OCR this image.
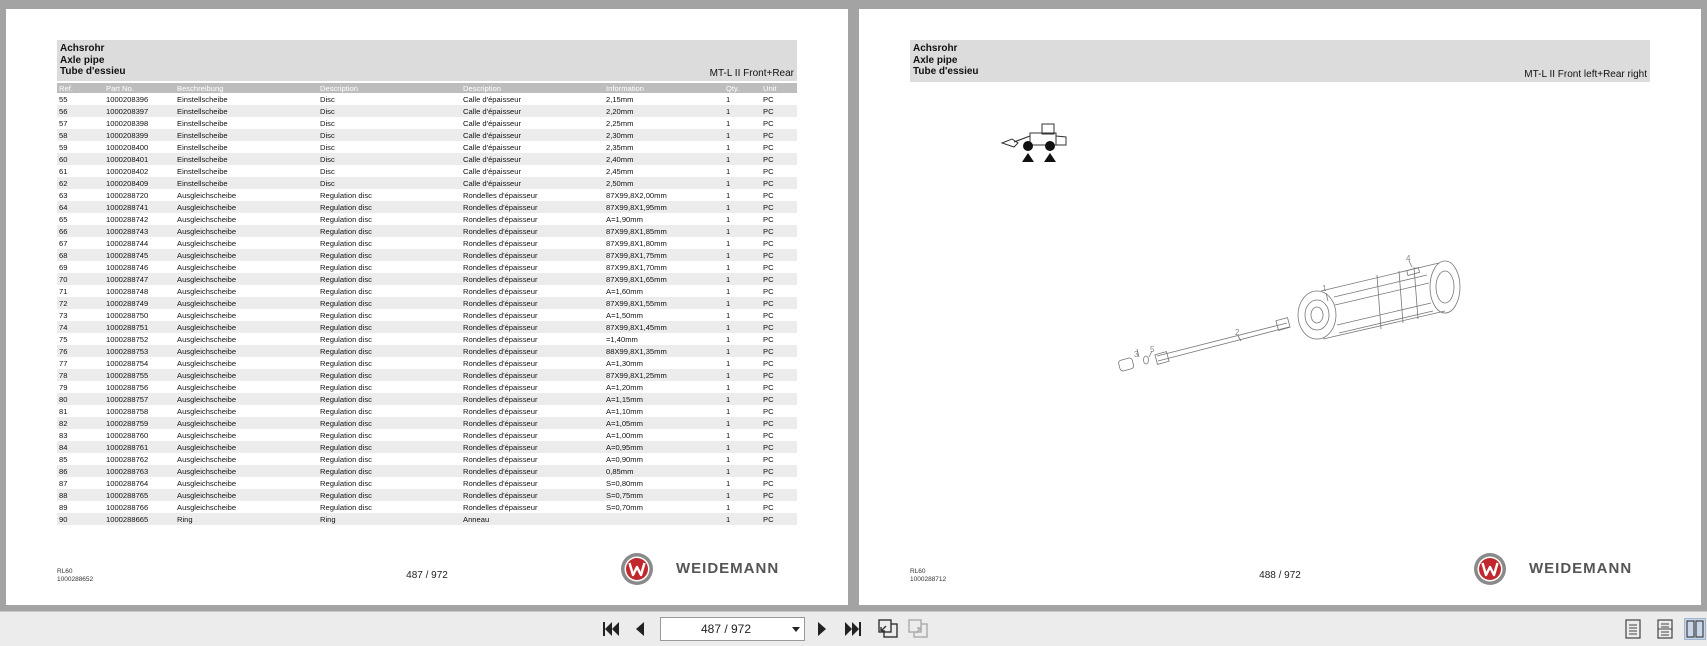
Achsrohr
Axle pipe
Tube d'essieu	MT-L II Front+Rear
Ref.	Part No.	Beschreibung	Description	Description	Information	Qty.	Unit
55	1000208396	Einstellscheibe	Disc	Calle d'épaisseur	2,15mm	1	PC
56	1000208397	Einstellscheibe	Disc	Calle d'épaisseur	2,20mm	1	PC
57	1000208398	Einstellscheibe	Disc	Calle d'épaisseur	2,25mm	1	PC
58	1000208399	Einstellscheibe	Disc	Calle d'épaisseur	2,30mm	1	PC
59	1000208400	Einstellscheibe	Disc	Calle d'épaisseur	2,35mm	1	PC
60	1000208401	Einstellscheibe	Disc	Calle d'épaisseur	2,40mm	1	PC
61	1000208402	Einstellscheibe	Disc	Calle d'épaisseur	2,45mm	1	PC
62	1000208409	Einstellscheibe	Disc	Calle d'épaisseur	2,50mm	1	PC
63	1000288720	Ausgleichscheibe	Regulation disc	Rondelles d'épaisseur	87X99,8X2,00mm	1	PC
64	1000288741	Ausgleichscheibe	Regulation disc	Rondelles d'épaisseur	87X99,8X1,95mm	1	PC
65	1000288742	Ausgleichscheibe	Regulation disc	Rondelles d'épaisseur	A=1,90mm	1	PC
66	1000288743	Ausgleichscheibe	Regulation disc	Rondelles d'épaisseur	87X99,8X1,85mm	1	PC
67	1000288744	Ausgleichscheibe	Regulation disc	Rondelles d'épaisseur	87X99,8X1,80mm	1	PC
68	1000288745	Ausgleichscheibe	Regulation disc	Rondelles d'épaisseur	87X99,8X1,75mm	1	PC
69	1000288746	Ausgleichscheibe	Regulation disc	Rondelles d'épaisseur	87X99,8X1,70mm	1	PC
70	1000288747	Ausgleichscheibe	Regulation disc	Rondelles d'épaisseur	87X99,8X1,65mm	1	PC
71	1000288748	Ausgleichscheibe	Regulation disc	Rondelles d'épaisseur	A=1,60mm	1	PC
72	1000288749	Ausgleichscheibe	Regulation disc	Rondelles d'épaisseur	87X99,8X1,55mm	1	PC
73	1000288750	Ausgleichscheibe	Regulation disc	Rondelles d'épaisseur	A=1,50mm	1	PC
74	1000288751	Ausgleichscheibe	Regulation disc	Rondelles d'épaisseur	87X99,8X1,45mm	1	PC
75	1000288752	Ausgleichscheibe	Regulation disc	Rondelles d'épaisseur	=1,40mm	1	PC
76	1000288753	Ausgleichscheibe	Regulation disc	Rondelles d'épaisseur	88X99,8X1,35mm	1	PC
77	1000288754	Ausgleichscheibe	Regulation disc	Rondelles d'épaisseur	A=1,30mm	1	PC
78	1000288755	Ausgleichscheibe	Regulation disc	Rondelles d'épaisseur	87X99,8X1,25mm	1	PC
79	1000288756	Ausgleichscheibe	Regulation disc	Rondelles d'épaisseur	A=1,20mm	1	PC
80	1000288757	Ausgleichscheibe	Regulation disc	Rondelles d'épaisseur	A=1,15mm	1	PC
81	1000288758	Ausgleichscheibe	Regulation disc	Rondelles d'épaisseur	A=1,10mm	1	PC
82	1000288759	Ausgleichscheibe	Regulation disc	Rondelles d'épaisseur	A=1,05mm	1	PC
83	1000288760	Ausgleichscheibe	Regulation disc	Rondelles d'épaisseur	A=1,00mm	1	PC
84	1000288761	Ausgleichscheibe	Regulation disc	Rondelles d'épaisseur	A=0,95mm	1	PC
85	1000288762	Ausgleichscheibe	Regulation disc	Rondelles d'épaisseur	A=0,90mm	1	PC
86	1000288763	Ausgleichscheibe	Regulation disc	Rondelles d'épaisseur	0,85mm	1	PC
87	1000288764	Ausgleichscheibe	Regulation disc	Rondelles d'épaisseur	S=0,80mm	1	PC
88	1000288765	Ausgleichscheibe	Regulation disc	Rondelles d'épaisseur	S=0,75mm	1	PC
89	1000288766	Ausgleichscheibe	Regulation disc	Rondelles d'épaisseur	S=0,70mm	1	PC
90	1000288665	Ring	Ring	Anneau		1	PC
RL60
1000288652	487 / 972	WEIDEMANN
Achsrohr
Axle pipe
Tube d'essieu	MT-L II Front left+Rear right
1
2
3
4
5
RL60
1000288712	488 / 972	WEIDEMANN
487 / 972
